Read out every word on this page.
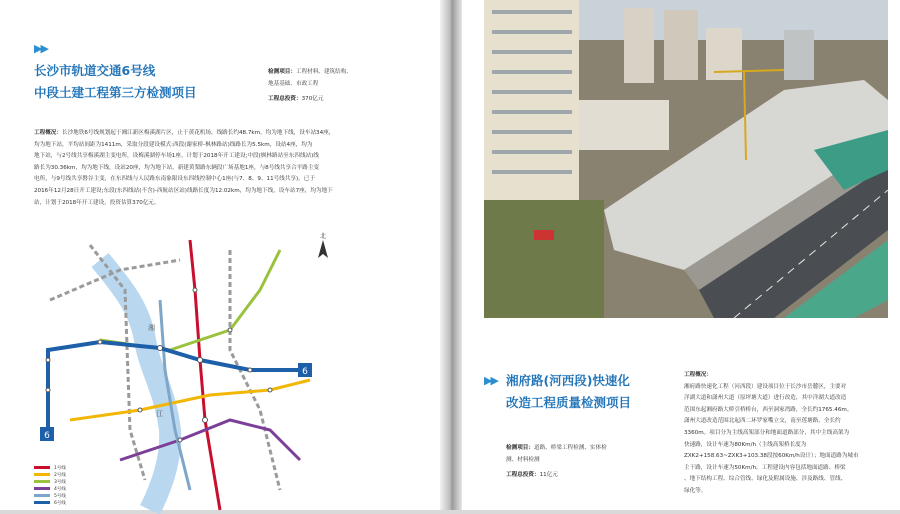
▶▶
长沙市轨道交通6号线
中段土建工程第三方检测项目
检测项目：工程材料、建筑结构、
地基基础、市政工程
工程总投资：370亿元
工程概况：长沙地铁6号线规划起于湘江新区梅溪湖片区，止于黄花机场，线路长约48.7km，均为地下线，设车站34座，
均为地下站，平均站间距为1411m，采取分段建设模式:西段(谢家桥-枫林路站)线路长为5.5km，设站4座，均为
地下站，与2号线共享梅溪湖主变电所，设梅溪湖停车场1座。计划于2018年开工建设;中段(枫林路站至东四线站)线
路长为30.36km，均为地下线，设站20座，均为地下站，新建黄梨路东辆段广场基地1座，与8号线共享合平路主变
电所，与9号线共享磐谷主变，在东四线与人民路东南象限设东四线控制中心1座(与7、8、9、11号线共享)。已于
2016年12月28日开工建设;东段(东四线站(不含)-西航站区站)线路长度为12.02km，均为地下线，设车站7座，均为地下
站，计划于2018年开工建设，投资估算370亿元。
湘
江
6
6
北
1号线
2号线
3号线
4号线
5号线
6号线
▶▶ 湘府路(河西段)快速化
改造工程质量检测项目
检测项目：道路、桥梁工程检测、实体检
测、材料检测
工程总投资：11亿元
工程概况：
湘府路快速化工程（河西段）建设项目位于长沙市岳麓区，主要对
洋湖大道和潇州大道（原坪塘大道）进行改造，其中洋湖大道改造
范围东起湘府路大桥引桥桥台，西至洞家湾路，全长约1765.46m。
潇州大道改造范围北起西二环罗家嘴立交，南至莲塘路，全长约
3360m。项目分为主线高架部分和地面道路部分，其中主线高架为
快速路，设计车速为80Km/h（主线高架桥长度为
ZXK2+158.63~ZXK3+103.38段按60Km/h设计）；地面道路为城市
主干路，设计车速为50Km/h。工程建设内容包括地面道路、桥梁
、地下结构工程、综合管线、绿化及附属设施、涉及路线、管线、
绿化等。
